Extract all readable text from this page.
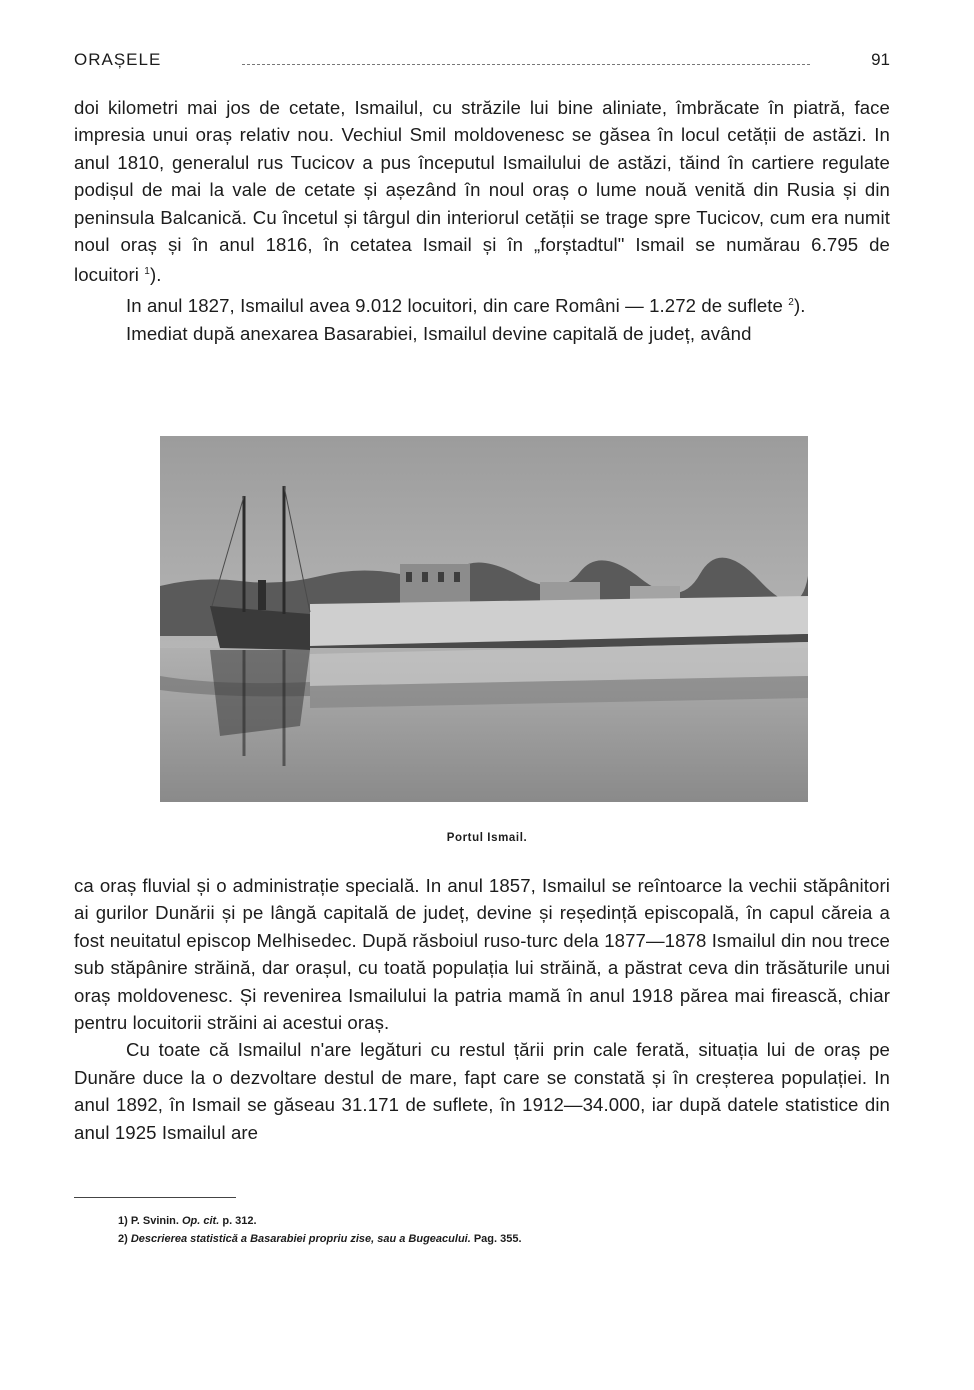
ORAȘELE	91

doi kilometri mai jos de cetate, Ismailul, cu străzile lui bine aliniate, îmbrăcate în piatră, face impresia unui oraș relativ nou. Vechiul Smil moldovenesc se găsea în locul cetății de astăzi. In anul 1810, generalul rus Tucicov a pus începutul Ismailului de astăzi, tăind în cartiere regulate podișul de mai la vale de cetate și așezând în noul oraș o lume nouă venită din Rusia și din peninsula Balcanică. Cu încetul și târgul din interiorul cetății se trage spre Tucicov, cum era numit noul oraș și în anul 1816, în cetatea Ismail și în „forștadtul" Ismail se numărau 6.795 de locuitori $^1$).

In anul 1827, Ismailul avea 9.012 locuitori, din care Români — 1.272 de suflete $^2$).

Imediat după anexarea Basarabiei, Ismailul devine capitală de județ, având

Portul Ismail.

ca oraș fluvial și o administrație specială. In anul 1857, Ismailul se reîntoarce la vechii stăpânitori ai gurilor Dunării și pe lângă capitală de județ, devine și reședință episcopală, în capul căreia a fost neuitatul episcop Melhisedec. După răsboiul ruso-turc dela 1877—1878 Ismailul din nou trece sub stăpânire străină, dar orașul, cu toată populația lui străină, a păstrat ceva din trăsăturile unui oraș moldovenesc. Și revenirea Ismailului la patria mamă în anul 1918 părea mai firească, chiar pentru locuitorii străini ai acestui oraș.

Cu toate că Ismailul n'are legături cu restul țării prin cale ferată, situația lui de oraș pe Dunăre duce la o dezvoltare destul de mare, fapt care se constată și în creșterea populației. In anul 1892, în Ismail se găseau 31.171 de suflete, în 1912—34.000, iar după datele statistice din anul 1925 Ismailul are

1) P. Svinin. Op. cit. p. 312.
2) Descrierea statistică a Basarabiei propriu zise, sau a Bugeacului. Pag. 355.
